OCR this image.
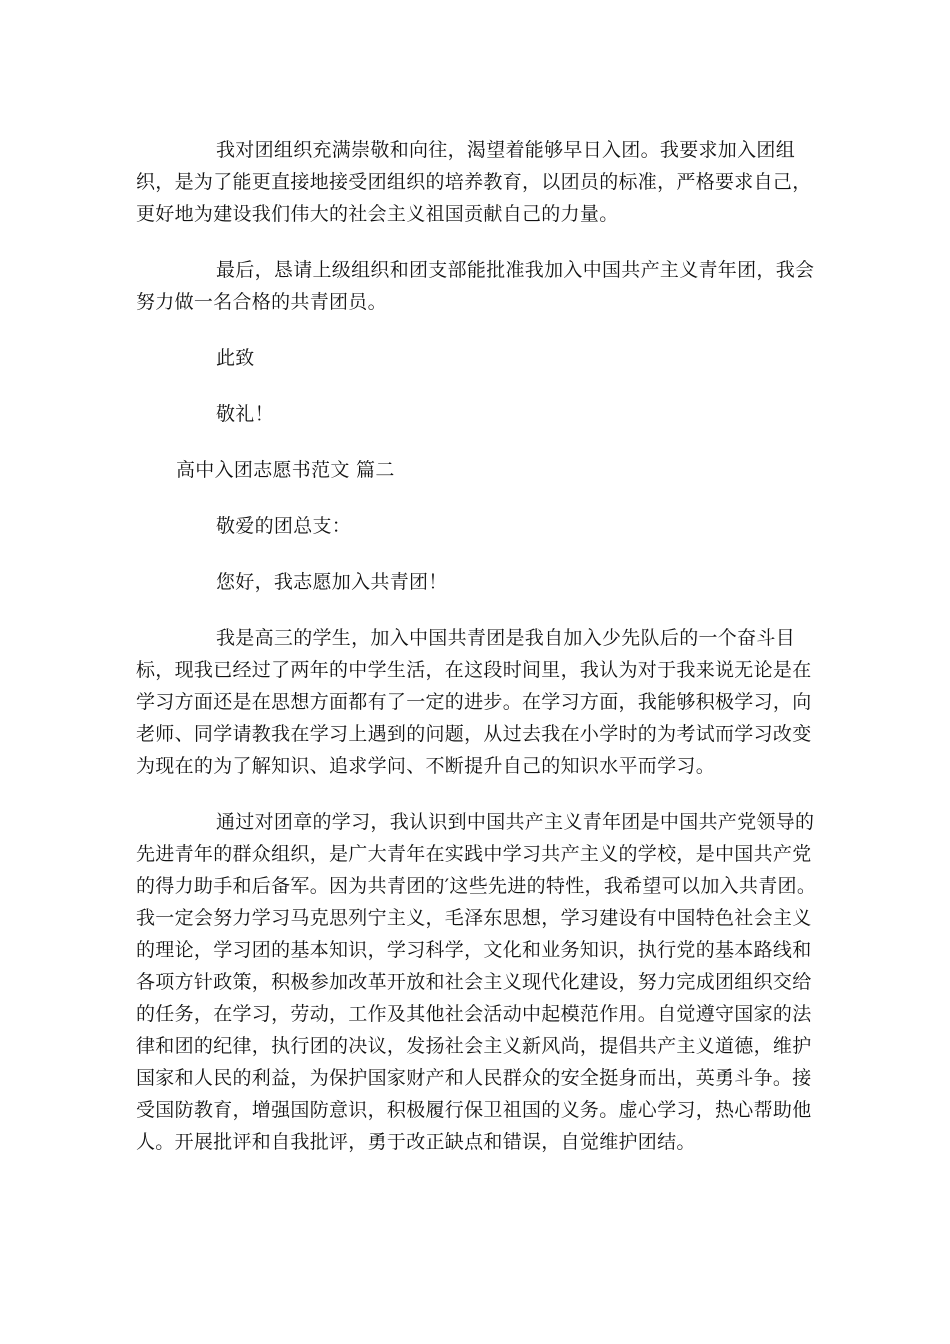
我对团组织充满崇敬和向往，渴望着能够早日入团。我要求加入团组织，是为了能更直接地接受团组织的培养教育，以团员的标准，严格要求自己，更好地为建设我们伟大的社会主义祖国贡献自己的力量。
最后，恳请上级组织和团支部能批准我加入中国共产主义青年团，我会努力做一名合格的共青团员。
此致
敬礼！
高中入团志愿书范文 篇二
敬爱的团总支：
您好，我志愿加入共青团！
我是高三的学生，加入中国共青团是我自加入少先队后的一个奋斗目标，现我已经过了两年的中学生活，在这段时间里，我认为对于我来说无论是在学习方面还是在思想方面都有了一定的进步。在学习方面，我能够积极学习，向老师、同学请教我在学习上遇到的问题，从过去我在小学时的为考试而学习改变为现在的为了解知识、追求学问、不断提升自己的知识水平而学习。
通过对团章的学习，我认识到中国共产主义青年团是中国共产党领导的先进青年的群众组织，是广大青年在实践中学习共产主义的学校，是中国共产党的得力助手和后备军。因为共青团的′这些先进的特性，我希望可以加入共青团。我一定会努力学习马克思列宁主义，毛泽东思想，学习建设有中国特色社会主义的理论，学习团的基本知识，学习科学，文化和业务知识，执行党的基本路线和各项方针政策，积极参加改革开放和社会主义现代化建设，努力完成团组织交给的任务，在学习，劳动，工作及其他社会活动中起模范作用。自觉遵守国家的法律和团的纪律，执行团的决议，发扬社会主义新风尚，提倡共产主义道德，维护国家和人民的利益，为保护国家财产和人民群众的安全挺身而出，英勇斗争。接受国防教育，增强国防意识，积极履行保卫祖国的义务。虚心学习，热心帮助他人。开展批评和自我批评，勇于改正缺点和错误，自觉维护团结。
